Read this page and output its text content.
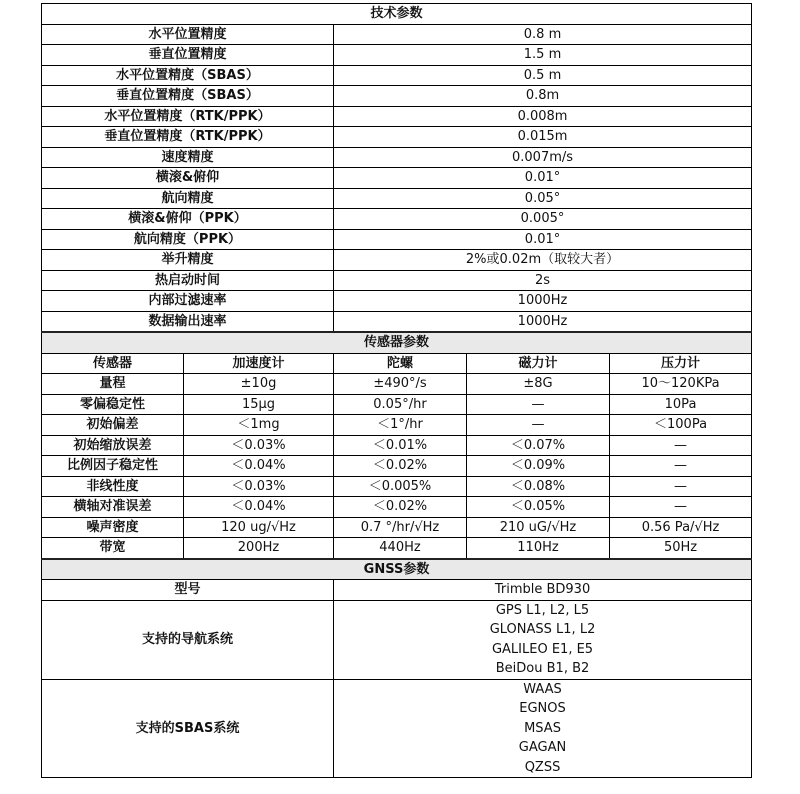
技术参数				
水平位置精度		0.8 m		
垂直位置精度		1.5 m		
水平位置精度（SBAS）		0.5 m		
垂直位置精度（SBAS）		0.8m		
水平位置精度（RTK/PPK）		0.008m		
垂直位置精度（RTK/PPK）		0.015m		
速度精度		0.007m/s		
横滚&俯仰		0.01°		
航向精度		0.05°		
横滚&俯仰（PPK）		0.005°		
航向精度（PPK）		0.01°		
举升精度		2%或0.02m（取较大者）		
热启动时间		2s		
内部过滤速率		1000Hz		
数据输出速率		1000Hz		
传感器参数				
传感器	加速度计	陀螺	磁力计	压力计
量程	±10g	±490°/s	±8G	10～120KPa
零偏稳定性	15μg	0.05°/hr	—	10Pa
初始偏差	＜1mg	＜1°/hr	—	＜100Pa
初始缩放误差	＜0.03%	＜0.01%	＜0.07%	—
比例因子稳定性	＜0.04%	＜0.02%	＜0.09%	—
非线性度	＜0.03%	＜0.005%	＜0.08%	—
横轴对准误差	＜0.04%	＜0.02%	＜0.05%	—
噪声密度	120 ug/√Hz	0.7 °/hr/√Hz	210 uG/√Hz	0.56 Pa/√Hz
带宽	200Hz	440Hz	110Hz	50Hz
GNSS参数				
型号		Trimble BD930		
支持的导航系统		GPS L1, L2, L5
GLONASS L1, L2
GALILEO E1, E5
BeiDou B1, B2		

支持的SBAS系统		WAAS
EGNOS
MSAS
GAGAN
QZSS		
